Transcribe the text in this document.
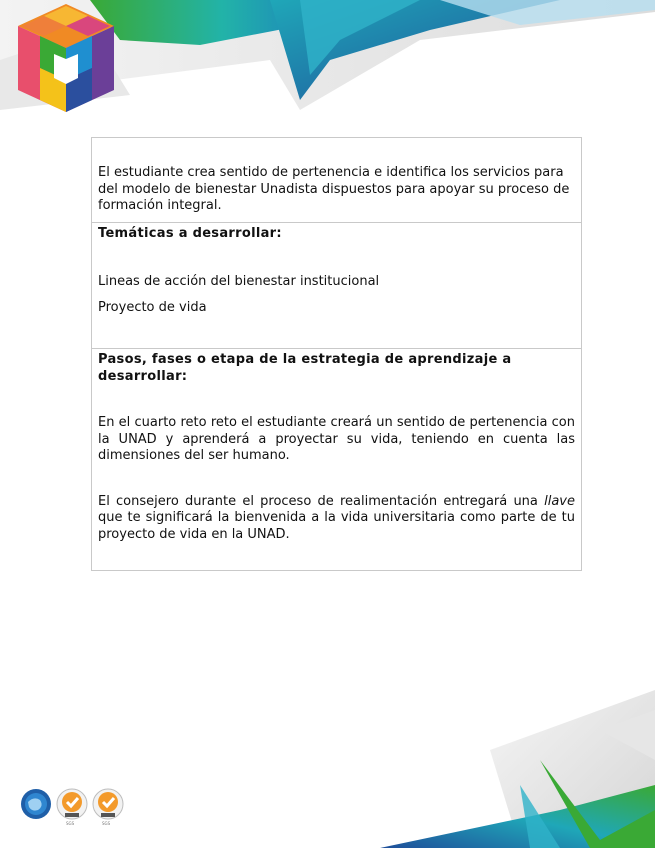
El estudiante crea sentido de pertenencia e identifica los servicios para del modelo de bienestar Unadista dispuestos para apoyar su proceso de formación integral.

Temáticas a desarrollar:

Lineas de acción del bienestar institucional

Proyecto de vida

Pasos, fases o etapa de la estrategia de aprendizaje a desarrollar:

En el cuarto reto reto el estudiante creará un sentido de pertenencia con la UNAD y aprenderá a proyectar su vida, teniendo en cuenta las dimensiones del ser humano.

El consejero durante el proceso de realimentación entregará una llave que te significará la bienvenida a la vida universitaria como parte de tu proyecto de vida en la UNAD.

SGS	SGS
